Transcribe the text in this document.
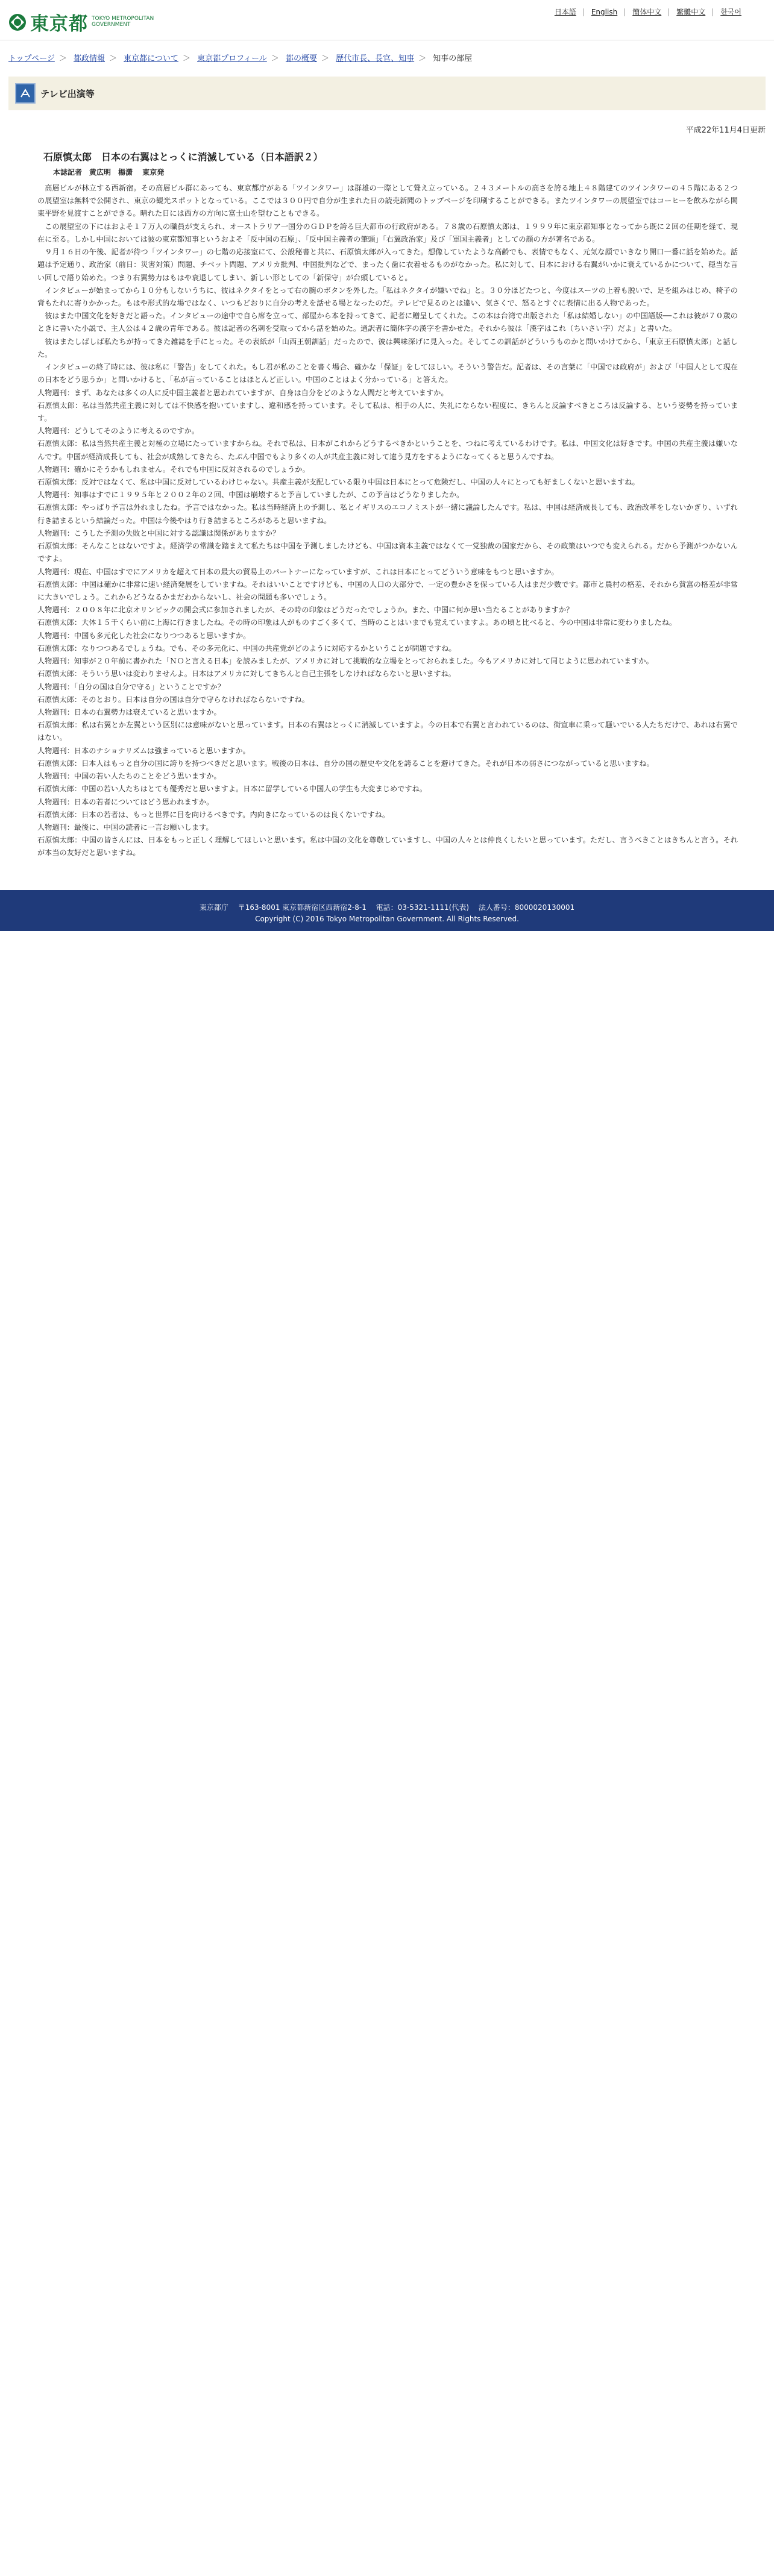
東京都 TOKYO METROPOLITAN
GOVERNMENT
日本語	English	簡体中文	繁體中文	한국어
トップページ ＞ 都政情報 ＞ 東京都について ＞ 東京都プロフィール ＞ 都の概要 ＞ 歴代市長、長官、知事 ＞ 知事の部屋
テレビ出演等
平成22年11月4日更新
石原慎太郎　日本の右翼はとっくに消滅している（日本語訳２）
本誌記者　黄広明　楊潇 東京発

　高層ビルが林立する西新宿。その高層ビル群にあっても、東京都庁がある「ツインタワー」は群雄の一際として聳え立っている。２４３メートルの高さを誇る地上４８階建てのツインタワーの４５階にある２つの展望室は無料で公開され、東京の観光スポットとなっている。ここでは３００円で自分が生まれた日の読売新聞のトップページを印刷することができる。またツインタワーの展望室ではコーヒーを飲みながら関東平野を見渡すことができる。晴れた日には西方の方向に富士山を望むこともできる。

　この展望室の下にはおよそ１７万人の職員が支えられ、オーストラリア一国分のＧＤＰを誇る巨大都市の行政府がある。７８歳の石原慎太郎は、１９９９年に東京都知事となってから既に２回の任期を経て、現在に至る。しかし中国においては彼の東京都知事というおよそ「反中国の石原」、「反中国主義者の筆頭」「右翼政治家」及び「軍国主義者」としての顔の方が著名である。

　９月１６日の午後、記者が待つ「ツインタワー」の七階の応接室にて、公設秘書と共に、石原慎太郎が入ってきた。想像していたような高齢でも、表情でもなく、元気な顔でいきなり開口一番に話を始めた。話題は予定通り、政治家（前日：災害対策）問題、チベット問題、アメリカ批判、中国批判などで、まったく歯に衣着せるものがなかった。私に対して、日本における右翼がいかに衰えているかについて、穏当な言い回しで語り始めた。つまり右翼勢力はもはや衰退してしまい、新しい形としての「新保守」が台頭していると。

　インタビューが始まってから１０分もしないうちに、彼はネクタイをとって右の腕のボタンを外した。「私はネクタイが嫌いでね」と。３０分ほどたつと、今度はスーツの上着も脱いで、足を組みはじめ、椅子の背もたれに寄りかかった。もはや形式的な場ではなく、いつもどおりに自分の考えを話せる場となったのだ。テレビで見るのとは違い、気さくで、怒るとすぐに表情に出る人物であった。

　彼はまた中国文化を好きだと語った。インタビューの途中で自ら席を立って、部屋から本を持ってきて、記者に贈呈してくれた。この本は台湾で出版された「私は結婚しない」の中国語版──これは彼が７０歳のときに書いた小説で、主人公は４２歳の青年である。彼は記者の名刺を受取ってから話を始めた。通訳者に簡体字の漢字を書かせた。それから彼は「漢字はこれ（ちいさい字）だよ」と書いた。

　彼はまたしばしば私たちが持ってきた雑誌を手にとった。その表紙が「山西王朝訓話」だったので、彼は興味深げに見入った。そしてこの訓話がどういうものかと問いかけてから、「東京王石原慎太郎」と話した。

　インタビューの終了時には、彼は私に「警告」をしてくれた。もし君が私のことを書く場合、確かな「保証」をしてほしい。そういう警告だ。記者は、その言葉に「中国では政府が」および「中国人として現在の日本をどう思うか」と問いかけると、「私が言っていることはほとんど正しい。中国のことはよく分かっている」と答えた。

人物週刊：まず、あなたは多くの人に反中国主義者と思われていますが、自身は自分をどのような人間だと考えていますか。

石原慎太郎：私は当然共産主義に対しては不快感を抱いていますし、違和感を持っています。そして私は、相手の人に、失礼にならない程度に、きちんと反論すべきところは反論する、という姿勢を持っています。

人物週刊：どうしてそのように考えるのですか。

石原慎太郎：私は当然共産主義と対極の立場にたっていますからね。それで私は、日本がこれからどうするべきかということを、つねに考えているわけです。私は、中国文化は好きです。中国の共産主義は嫌いなんです。中国が経済成長しても、社会が成熟してきたら、たぶん中国でもより多くの人が共産主義に対して違う見方をするようになってくると思うんですね。

人物週刊：確かにそうかもしれません。それでも中国に反対されるのでしょうか。

石原慎太郎：反対ではなくて、私は中国に反対しているわけじゃない。共産主義が支配している限り中国は日本にとって危険だし、中国の人々にとっても好ましくないと思いますね。

人物週刊：知事はすでに１９９５年と２００２年の２回、中国は崩壊すると予言していましたが、この予言はどうなりましたか。

石原慎太郎：やっぱり予言は外れましたね。予言ではなかった。私は当時経済上の予測し、私とイギリスのエコノミストが一緒に議論したんです。私は、中国は経済成長しても、政治改革をしないかぎり、いずれ行き詰まるという結論だった。中国は今後やはり行き詰まるところがあると思いますね。

人物週刊：こうした予測の失敗と中国に対する認識は関係がありますか？

石原慎太郎：そんなことはないですよ。経済学の常識を踏まえて私たちは中国を予測しましたけども、中国は資本主義ではなくて一党独裁の国家だから、その政策はいつでも変えられる。だから予測がつかないんですよ。

人物週刊：現在、中国はすでにアメリカを超えて日本の最大の貿易上のパートナーになっていますが、これは日本にとってどういう意味をもつと思いますか。

石原慎太郎：中国は確かに非常に速い経済発展をしていますね。それはいいことですけども、中国の人口の大部分で、一定の豊かさを保っている人はまだ少数です。都市と農村の格差、それから貧富の格差が非常に大きいでしょう。これからどうなるかまだわからないし、社会の問題も多いでしょう。

人物週刊：２００８年に北京オリンピックの開会式に参加されましたが、その時の印象はどうだったでしょうか。また、中国に何か思い当たることがありますか？

石原慎太郎：大体１５千くらい前に上海に行きましたね。その時の印象は人がものすごく多くて、当時のことはいまでも覚えていますよ。あの頃と比べると、今の中国は非常に変わりましたね。

人物週刊：中国も多元化した社会になりつつあると思いますか。

石原慎太郎：なりつつあるでしょうね。でも、その多元化に、中国の共産党がどのように対応するかということが問題ですね。

人物週刊：知事が２０年前に書かれた「ＮＯと言える日本」を読みましたが、アメリカに対して挑戦的な立場をとっておられました。今もアメリカに対して同じように思われていますか。

石原慎太郎：そういう思いは変わりませんよ。日本はアメリカに対してきちんと自己主張をしなければならないと思いますね。

人物週刊：「自分の国は自分で守る」ということですか？

石原慎太郎：そのとおり。日本は自分の国は自分で守らなければならないですね。

人物週刊：日本の右翼勢力は衰えていると思いますか。

石原慎太郎：私は右翼とか左翼という区別には意味がないと思っています。日本の右翼はとっくに消滅していますよ。今の日本で右翼と言われているのは、街宣車に乗って騒いでいる人たちだけで、あれは右翼ではない。

人物週刊：日本のナショナリズムは強まっていると思いますか。

石原慎太郎：日本人はもっと自分の国に誇りを持つべきだと思います。戦後の日本は、自分の国の歴史や文化を誇ることを避けてきた。それが日本の弱さにつながっていると思いますね。

人物週刊：中国の若い人たちのことをどう思いますか。

石原慎太郎：中国の若い人たちはとても優秀だと思いますよ。日本に留学している中国人の学生も大変まじめですね。

人物週刊：日本の若者についてはどう思われますか。

石原慎太郎：日本の若者は、もっと世界に目を向けるべきです。内向きになっているのは良くないですね。

人物週刊：最後に、中国の読者に一言お願いします。

石原慎太郎：中国の皆さんには、日本をもっと正しく理解してほしいと思います。私は中国の文化を尊敬していますし、中国の人々とは仲良くしたいと思っています。ただし、言うべきことはきちんと言う。それが本当の友好だと思いますね。

東京都庁 〒163-8001 東京都新宿区西新宿2-8-1 電話：03-5321-1111(代表) 法人番号：8000020130001
Copyright (C) 2016 Tokyo Metropolitan Government. All Rights Reserved.
